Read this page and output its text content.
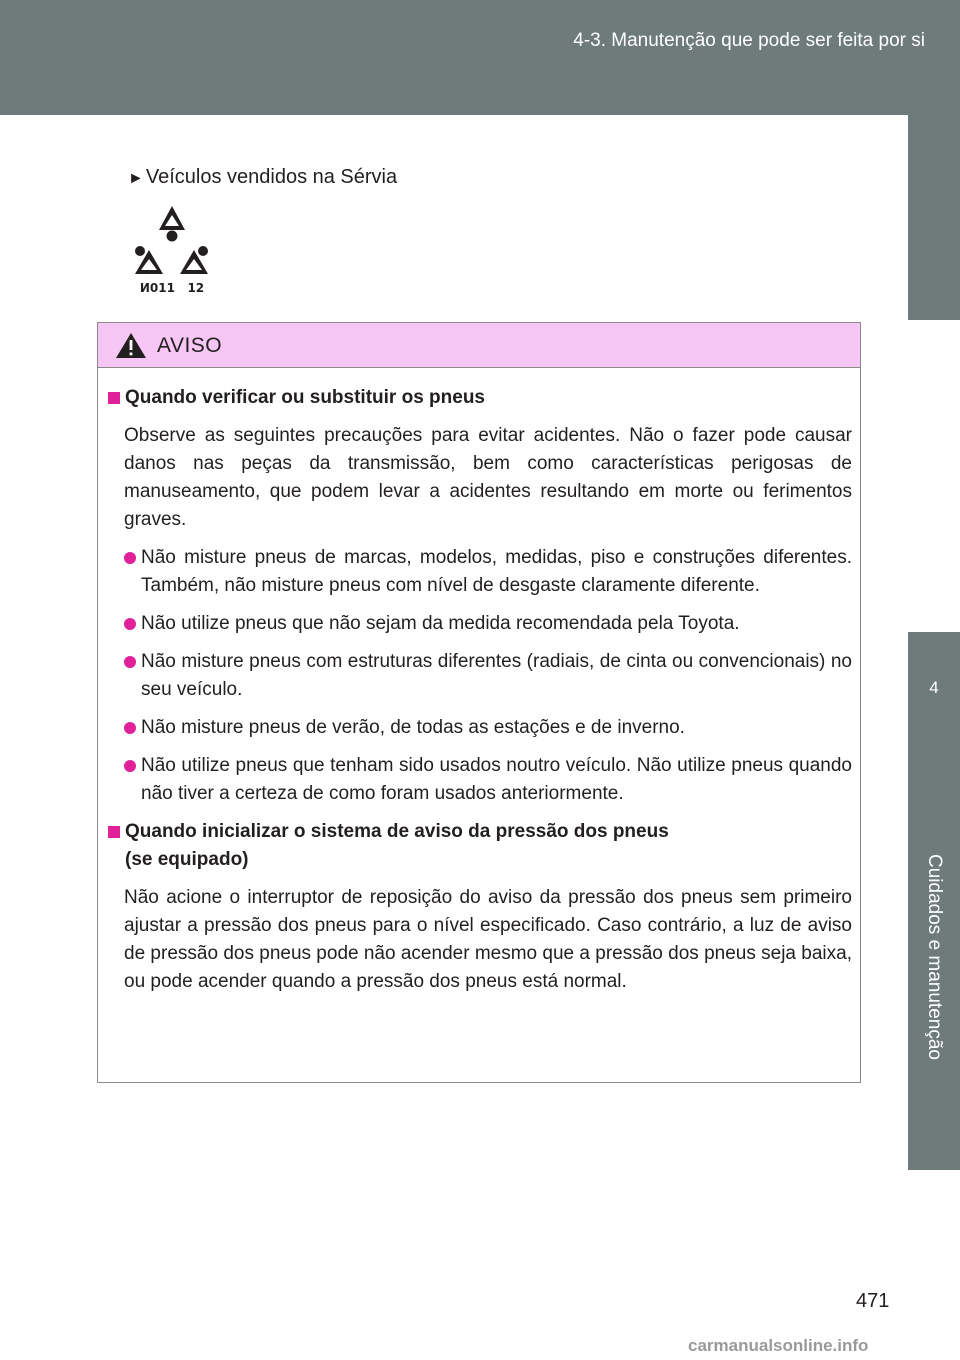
4-3. Manutenção que pode ser feita por si
4
Cuidados e manutenção
► Veículos vendidos na Sérvia
И011   12
AVISO
Quando verificar ou substituir os pneus
Observe as seguintes precauções para evitar acidentes. Não o fazer pode causar danos nas peças da transmissão, bem como características perigosas de manuseamento, que podem levar a acidentes resultando em morte ou ferimentos graves.
Não misture pneus de marcas, modelos, medidas, piso e construções diferentes. Também, não misture pneus com nível de desgaste claramente diferente.
Não utilize pneus que não sejam da medida recomendada pela Toyota.
Não misture pneus com estruturas diferentes (radiais, de cinta ou convencionais) no seu veículo.
Não misture pneus de verão, de todas as estações e de inverno.
Não utilize pneus que tenham sido usados noutro veículo. Não utilize pneus quando não tiver a certeza de como foram usados anteriormente.
Quando inicializar o sistema de aviso da pressão dos pneus
(se equipado)
Não acione o interruptor de reposição do aviso da pressão dos pneus sem primeiro ajustar a pressão dos pneus para o nível especificado. Caso contrário, a luz de aviso de pressão dos pneus pode não acender mesmo que a pressão dos pneus seja baixa, ou pode acender quando a pressão dos pneus está normal.
471
carmanualsonline.info
